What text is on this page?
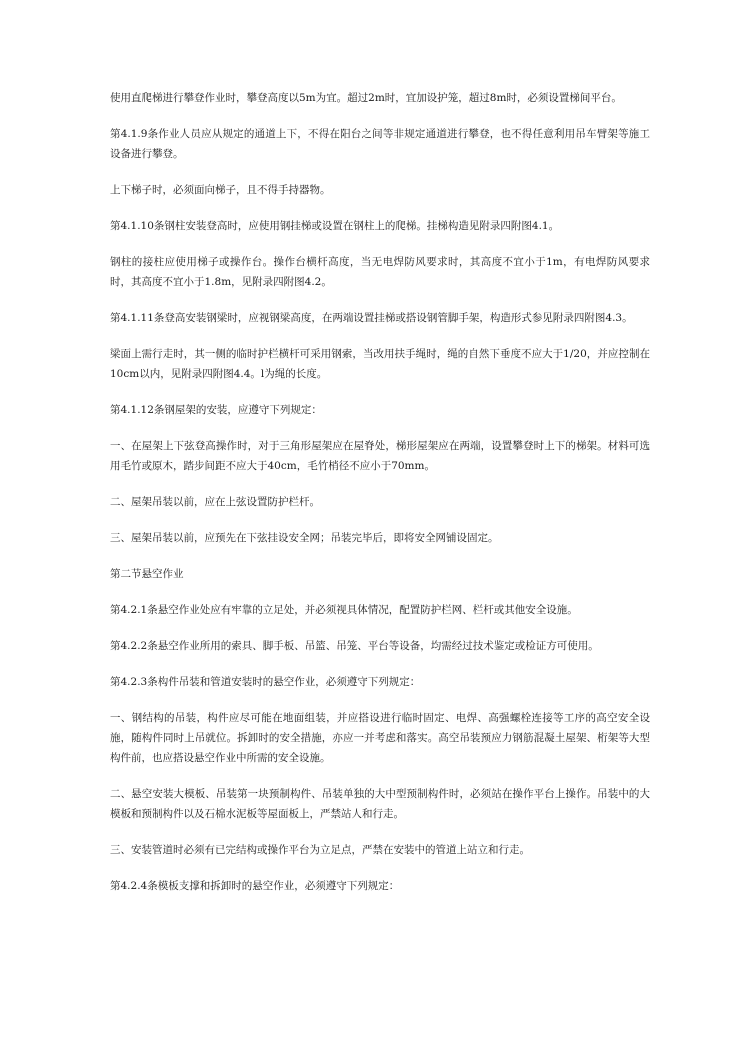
使用直爬梯进行攀登作业时，攀登高度以5m为宜。超过2m时，宜加设护笼，超过8m时，必须设置梯间平台。

第4.1.9条作业人员应从规定的通道上下，不得在阳台之间等非规定通道进行攀登，也不得任意利用吊车臂架等施工设备进行攀登。

上下梯子时，必须面向梯子，且不得手持器物。

第4.1.10条钢柱安装登高时，应使用钢挂梯或设置在钢柱上的爬梯。挂梯构造见附录四附图4.1。

钢柱的接柱应使用梯子或操作台。操作台横杆高度，当无电焊防风要求时，其高度不宜小于1m，有电焊防风要求时，其高度不宜小于1.8m，见附录四附图4.2。

第4.1.11条登高安装钢梁时，应视钢梁高度，在两端设置挂梯或搭设钢管脚手架，构造形式参见附录四附图4.3。

梁面上需行走时，其一侧的临时护栏横杆可采用钢索，当改用扶手绳时，绳的自然下垂度不应大于1/20，并应控制在10cm以内，见附录四附图4.4。l为绳的长度。

第4.1.12条钢屋架的安装，应遵守下列规定：

一、在屋架上下弦登高操作时，对于三角形屋架应在屋脊处，梯形屋架应在两端，设置攀登时上下的梯架。材料可选用毛竹或原木，踏步间距不应大于40cm，毛竹梢径不应小于70mm。

二、屋架吊装以前，应在上弦设置防护栏杆。

三、屋架吊装以前，应预先在下弦挂设安全网；吊装完毕后，即将安全网铺设固定。

第二节悬空作业

第4.2.1条悬空作业处应有牢靠的立足处，并必须视具体情况，配置防护栏网、栏杆或其他安全设施。

第4.2.2条悬空作业所用的索具、脚手板、吊篮、吊笼、平台等设备，均需经过技术鉴定或检证方可使用。

第4.2.3条构件吊装和管道安装时的悬空作业，必须遵守下列规定：

一、钢结构的吊装，构件应尽可能在地面组装，并应搭设进行临时固定、电焊、高强螺栓连接等工序的高空安全设施，随构件同时上吊就位。拆卸时的安全措施，亦应一并考虑和落实。高空吊装预应力钢筋混凝土屋架、桁架等大型构件前，也应搭设悬空作业中所需的安全设施。

二、悬空安装大模板、吊装第一块预制构件、吊装单独的大中型预制构件时，必须站在操作平台上操作。吊装中的大模板和预制构件以及石棉水泥板等屋面板上，严禁站人和行走。

三、安装管道时必须有已完结构或操作平台为立足点，严禁在安装中的管道上站立和行走。

第4.2.4条模板支撑和拆卸时的悬空作业，必须遵守下列规定：
